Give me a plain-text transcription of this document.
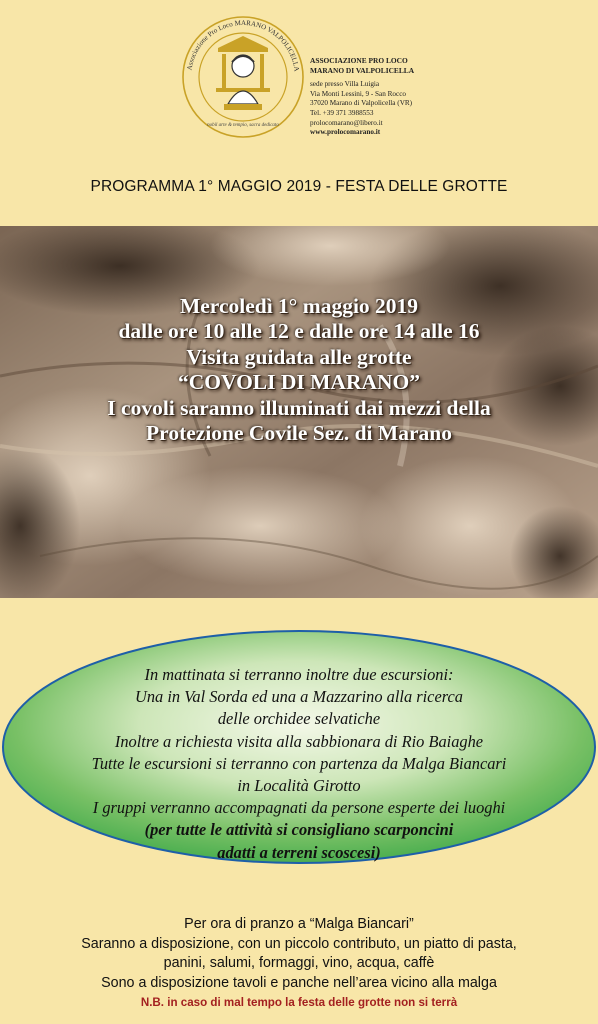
Associazione Pro Loco MARANO VALPOLICELLA
nobil arte & tempio, sacra dedicato
ASSOCIAZIONE PRO LOCO
MARANO DI VALPOLICELLA
sede presso Villa Luigia
Via Monti Lessini, 9 - San Rocco
37020 Marano di Valpolicella (VR)
Tel. +39 371 3988553
prolocomarano@libero.it
www.prolocomarano.it
PROGRAMMA 1° MAGGIO 2019 - FESTA DELLE GROTTE
Mercoledì 1° maggio 2019
dalle ore 10 alle 12 e dalle ore 14 alle 16
Visita guidata alle grotte
“COVOLI DI MARANO”
I covoli saranno illuminati dai mezzi della
Protezione Covile Sez. di Marano
In mattinata si terranno inoltre due escursioni:
Una in Val Sorda ed una a Mazzarino alla ricerca
delle orchidee selvatiche
Inoltre a richiesta visita alla sabbionara di Rio Baiaghe
Tutte le escursioni si terranno con partenza da Malga Biancari
in Località Girotto
I gruppi verranno accompagnati da persone esperte dei luoghi
(per tutte le attività si consigliano scarponcini
adatti a terreni scoscesi)
Per ora di pranzo a “Malga Biancari”
Saranno a disposizione, con un piccolo contributo, un piatto di pasta,
panini, salumi, formaggi, vino, acqua, caffè
Sono a disposizione tavoli e panche nell’area vicino alla malga
N.B. in caso di mal tempo la festa delle grotte non si terrà
